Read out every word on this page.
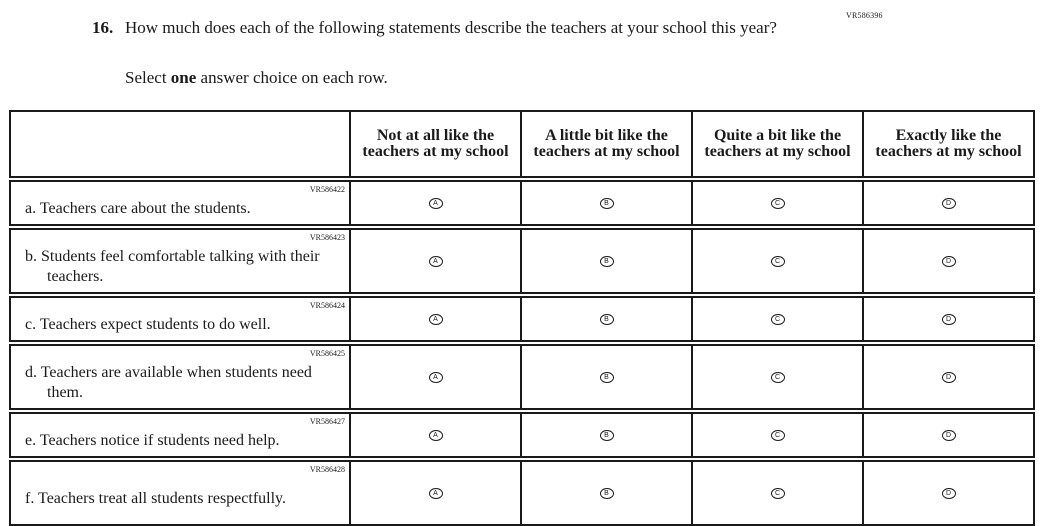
VR586396
16. How much does each of the following statements describe the teachers at your school this year?
Select one answer choice on each row.

	Not at all like the teachers at my school	A little bit like the teachers at my school	Quite a bit like the teachers at my school	Exactly like the teachers at my school

VR586422
a. Teachers care about the students.	A	B	C	D

VR586423
b. Students feel comfortable talking with their teachers.	A	B	C	D

VR586424
c. Teachers expect students to do well.	A	B	C	D

VR586425
d. Teachers are available when students need them.	A	B	C	D

VR586427
e. Teachers notice if students need help.	A	B	C	D

VR586428
f. Teachers treat all students respectfully.	A	B	C	D
